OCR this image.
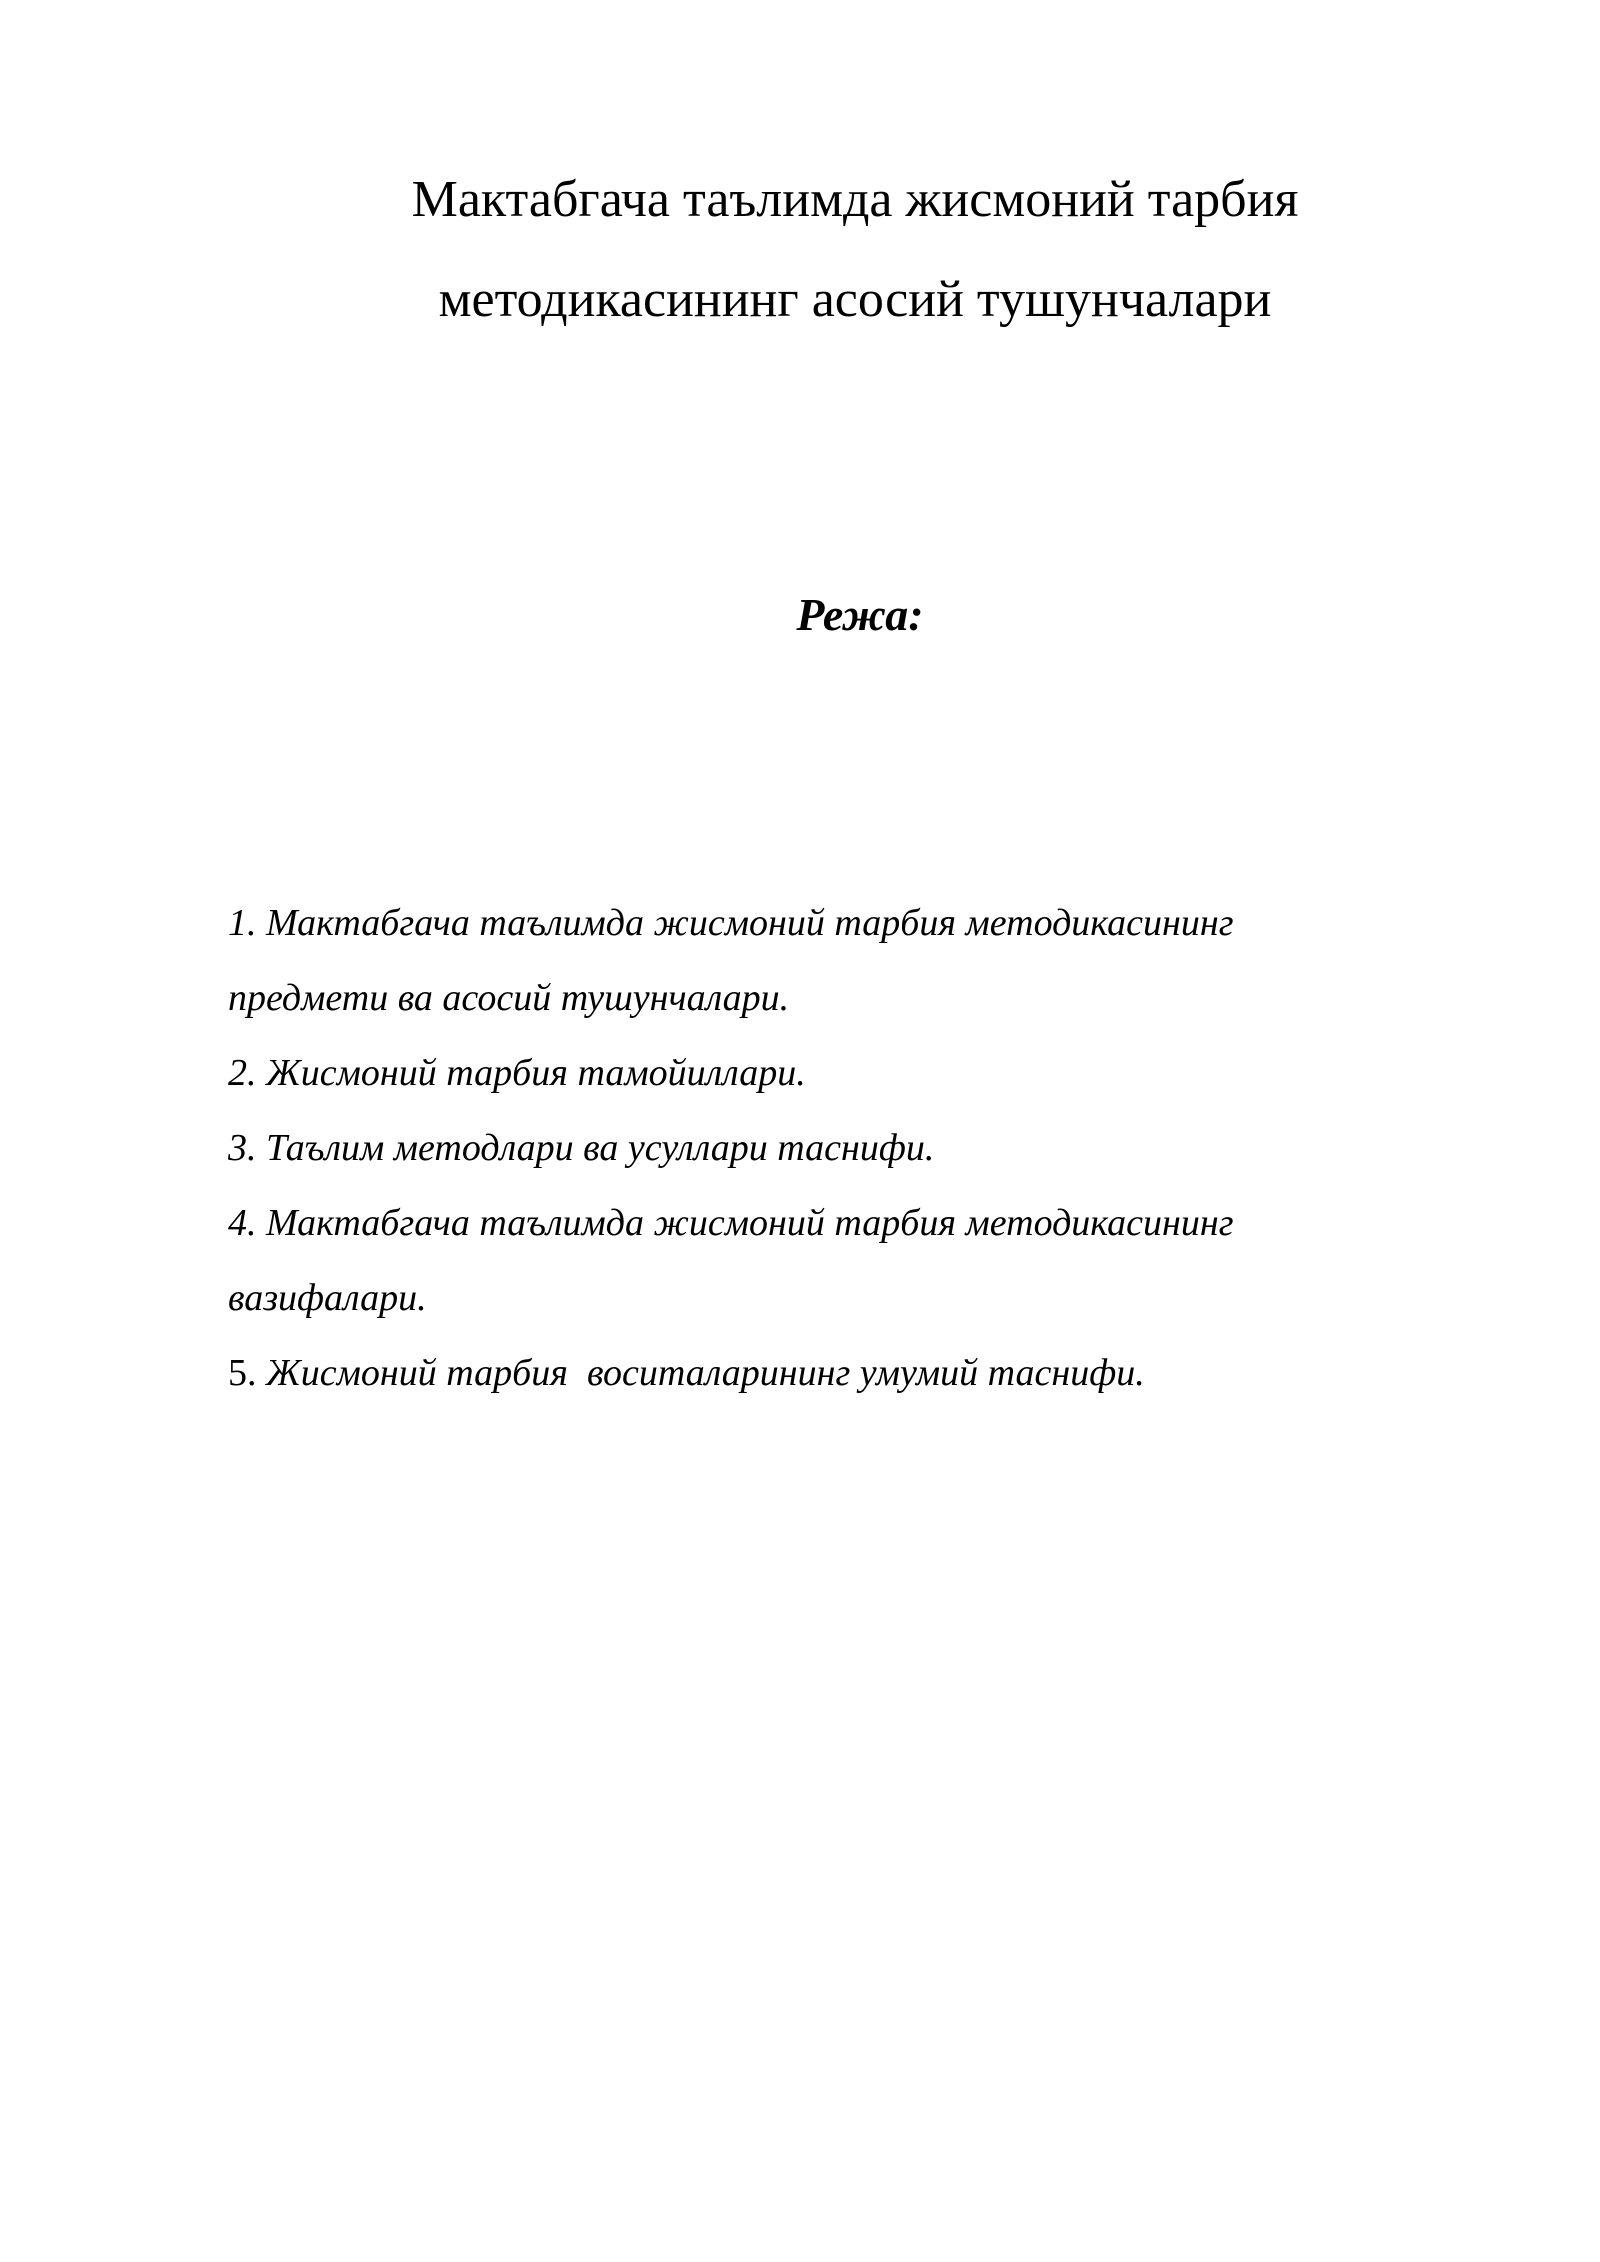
Мактабгача таълимда жисмоний тарбия
методикасининг асосий тушунчалари
Режа:
1. Мактабгача таълимда жисмоний тарбия методикасининг
предмети ва асосий тушунчалари.
2. Жисмоний тарбия тамойиллари.
3. Таълим методлари ва усуллари таснифи.
4. Мактабгача таълимда жисмоний тарбия методикасининг
вазифалари.
5. Жисмоний тарбия  воситаларининг умумий таснифи.
